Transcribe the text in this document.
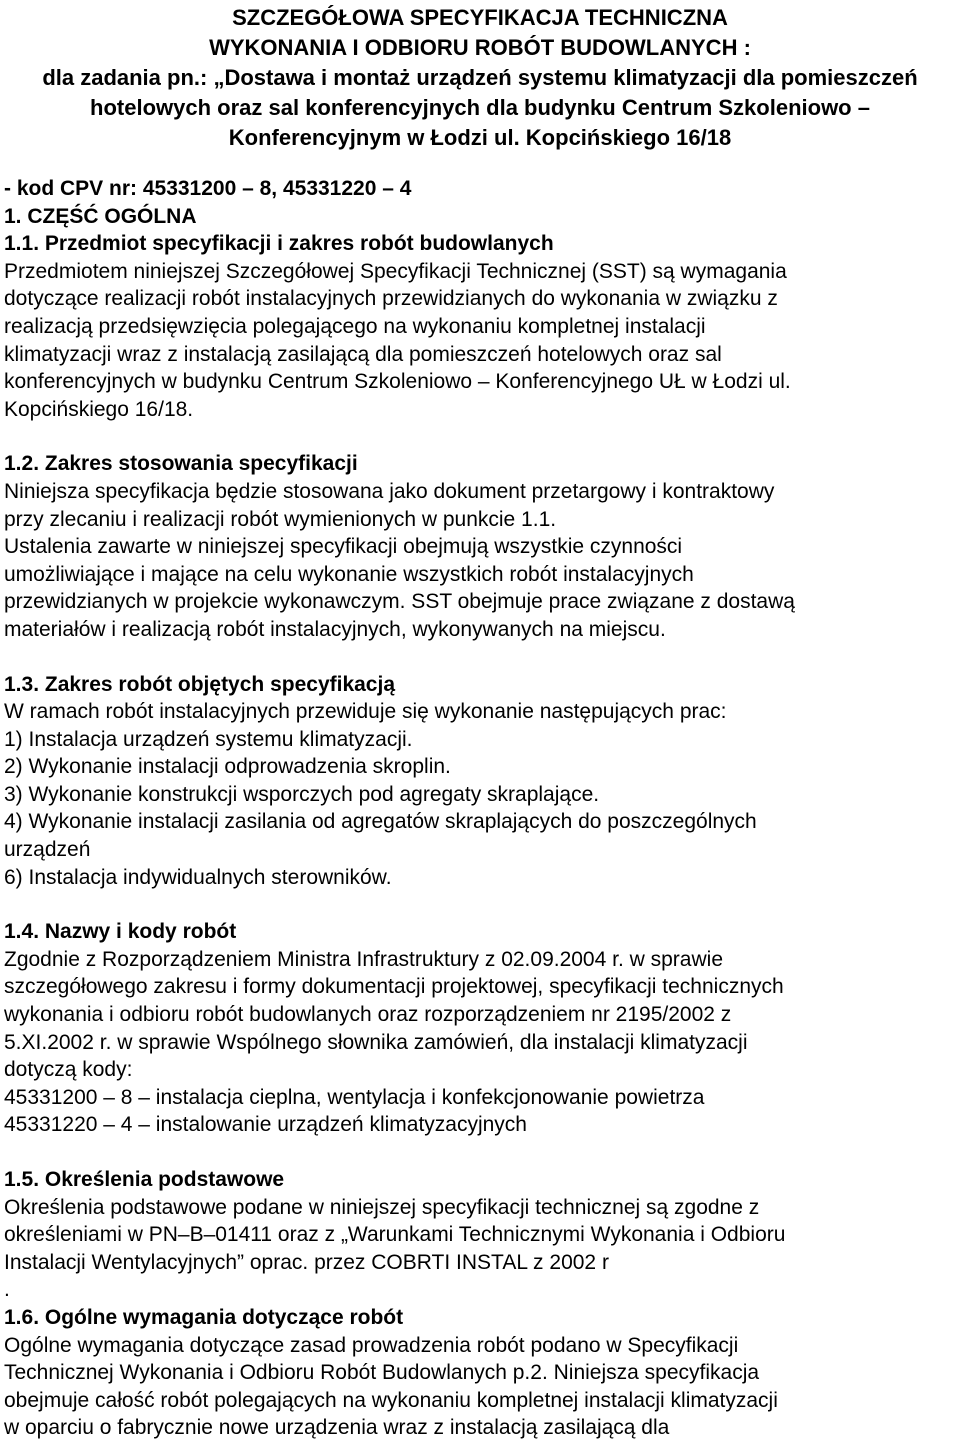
SZCZEGÓŁOWA SPECYFIKACJA TECHNICZNA
WYKONANIA I ODBIORU ROBÓT BUDOWLANYCH :
dla zadania pn.: „Dostawa i montaż urządzeń systemu klimatyzacji dla pomieszczeń
hotelowych oraz sal konferencyjnych dla budynku Centrum Szkoleniowo –
Konferencyjnym w Łodzi ul. Kopcińskiego 16/18
- kod CPV nr: 45331200 – 8, 45331220 – 4
1. CZĘŚĆ OGÓLNA
1.1. Przedmiot specyfikacji i zakres robót budowlanych
Przedmiotem niniejszej Szczegółowej Specyfikacji Technicznej (SST) są wymagania
dotyczące realizacji robót instalacyjnych przewidzianych do wykonania w związku z
realizacją przedsięwzięcia polegającego na wykonaniu kompletnej instalacji
klimatyzacji wraz z instalacją zasilającą dla pomieszczeń hotelowych oraz sal
konferencyjnych w budynku Centrum Szkoleniowo – Konferencyjnego UŁ w Łodzi ul.
Kopcińskiego 16/18.
1.2. Zakres stosowania specyfikacji
Niniejsza specyfikacja będzie stosowana jako dokument przetargowy i kontraktowy
przy zlecaniu i realizacji robót wymienionych w punkcie 1.1.
Ustalenia zawarte w niniejszej specyfikacji obejmują wszystkie czynności
umożliwiające i mające na celu wykonanie wszystkich robót instalacyjnych
przewidzianych w projekcie wykonawczym. SST obejmuje prace związane z dostawą
materiałów i realizacją robót instalacyjnych, wykonywanych na miejscu.
1.3. Zakres robót objętych specyfikacją
W ramach robót instalacyjnych przewiduje się wykonanie następujących prac:
1) Instalacja urządzeń systemu klimatyzacji.
2) Wykonanie instalacji odprowadzenia skroplin.
3) Wykonanie konstrukcji wsporczych pod agregaty skraplające.
4) Wykonanie instalacji zasilania od agregatów skraplających do poszczególnych
urządzeń
6) Instalacja indywidualnych sterowników.
1.4. Nazwy i kody robót
Zgodnie z Rozporządzeniem Ministra Infrastruktury z 02.09.2004 r. w sprawie
szczegółowego zakresu i formy dokumentacji projektowej, specyfikacji technicznych
wykonania i odbioru robót budowlanych oraz rozporządzeniem nr 2195/2002 z
5.XI.2002 r. w sprawie Wspólnego słownika zamówień, dla instalacji klimatyzacji
dotyczą kody:
45331200 – 8 – instalacja cieplna, wentylacja i konfekcjonowanie powietrza
45331220 – 4 – instalowanie urządzeń klimatyzacyjnych
1.5. Określenia podstawowe
Określenia podstawowe podane w niniejszej specyfikacji technicznej są zgodne z
określeniami w PN–B–01411 oraz z „Warunkami Technicznymi Wykonania i Odbioru
Instalacji Wentylacyjnych” oprac. przez COBRTI INSTAL z 2002 r
.
1.6. Ogólne wymagania dotyczące robót
Ogólne wymagania dotyczące zasad prowadzenia robót podano w Specyfikacji
Technicznej Wykonania i Odbioru Robót Budowlanych p.2. Niniejsza specyfikacja
obejmuje całość robót polegających na wykonaniu kompletnej instalacji klimatyzacji
w oparciu o fabrycznie nowe urządzenia wraz z instalacją zasilającą dla
